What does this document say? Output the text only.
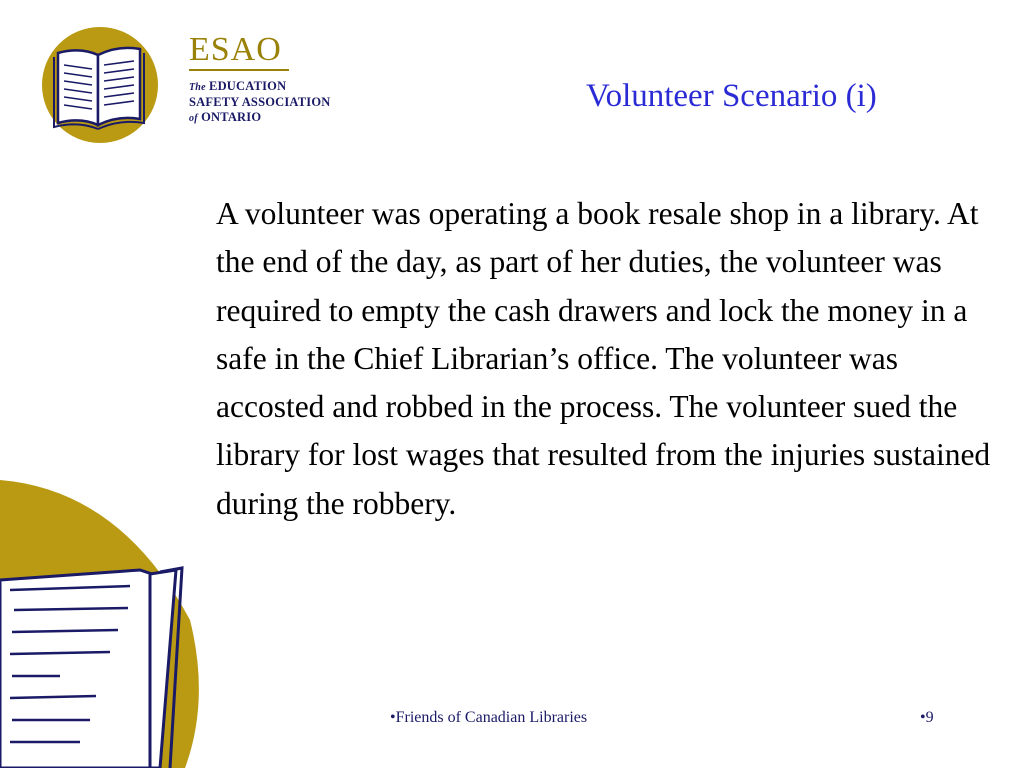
ESAO
The EDUCATION
SAFETY ASSOCIATION
of ONTARIO
Volunteer Scenario (i)
A volunteer was operating a book resale shop in a library. At the end of the day, as part of her duties, the volunteer was required to empty the cash drawers and lock the money in a safe in the Chief Librarian’s office. The volunteer was accosted and robbed in the process. The volunteer sued the library for lost wages that resulted from the injuries sustained during the robbery.
•Friends of Canadian Libraries	•9
